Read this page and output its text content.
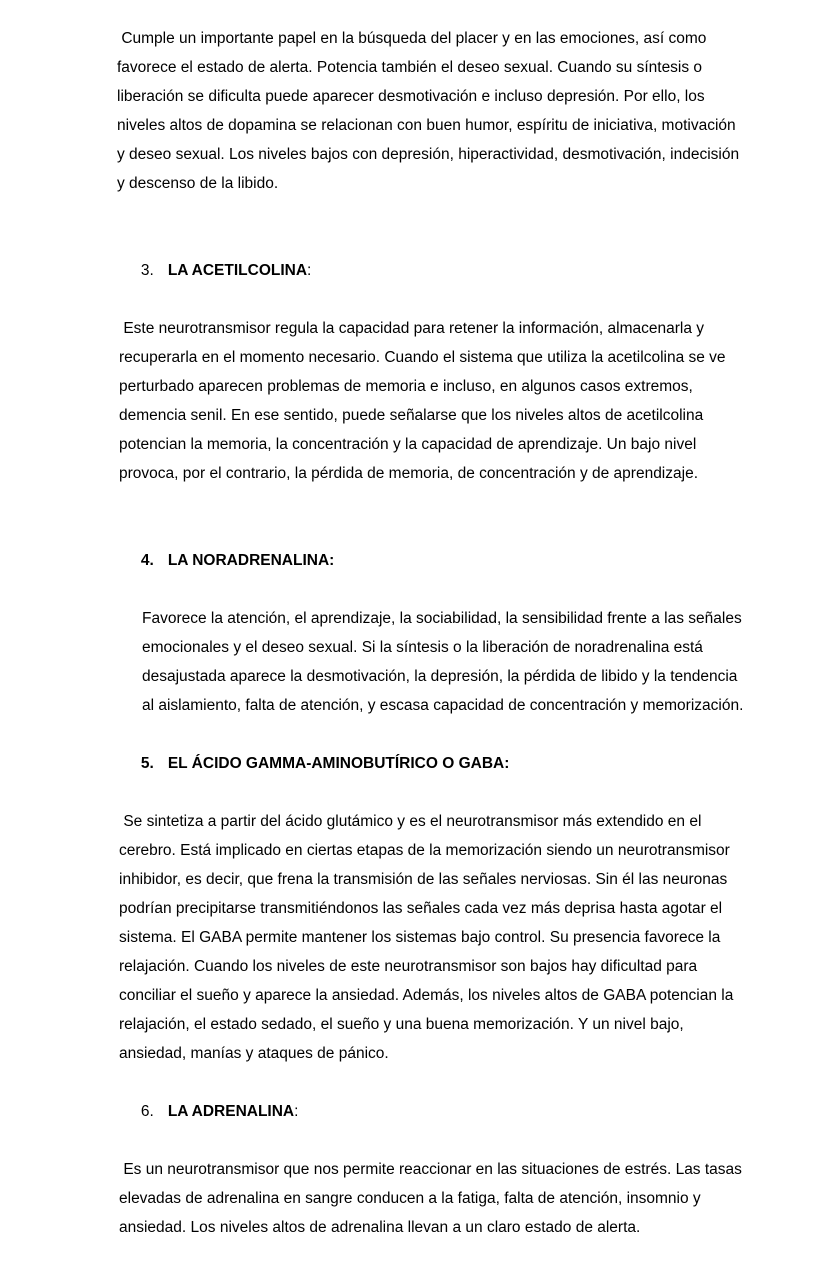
Cumple un importante papel en la búsqueda del placer y en las emociones, así como favorece el estado de alerta. Potencia también el deseo sexual. Cuando su síntesis o liberación se dificulta puede aparecer desmotivación e incluso depresión. Por ello, los niveles altos de dopamina se relacionan con buen humor, espíritu de iniciativa, motivación y deseo sexual. Los niveles bajos con depresión, hiperactividad, desmotivación, indecisión y descenso de la libido.

3. LA ACETILCOLINA:

Este neurotransmisor regula la capacidad para retener la información, almacenarla y recuperarla en el momento necesario. Cuando el sistema que utiliza la acetilcolina se ve perturbado aparecen problemas de memoria e incluso, en algunos casos extremos, demencia senil. En ese sentido, puede señalarse que los niveles altos de acetilcolina potencian la memoria, la concentración y la capacidad de aprendizaje. Un bajo nivel provoca, por el contrario, la pérdida de memoria, de concentración y de aprendizaje.

4. LA NORADRENALINA:

Favorece la atención, el aprendizaje, la sociabilidad, la sensibilidad frente a las señales emocionales y el deseo sexual. Si la síntesis o la liberación de noradrenalina está desajustada aparece la desmotivación, la depresión, la pérdida de libido y la tendencia al aislamiento, falta de atención, y escasa capacidad de concentración y memorización.

5. EL ÁCIDO GAMMA-AMINOBUTÍRICO O GABA:

Se sintetiza a partir del ácido glutámico y es el neurotransmisor más extendido en el cerebro. Está implicado en ciertas etapas de la memorización siendo un neurotransmisor inhibidor, es decir, que frena la transmisión de las señales nerviosas. Sin él las neuronas podrían precipitarse transmitiéndonos las señales cada vez más deprisa hasta agotar el sistema. El GABA permite mantener los sistemas bajo control. Su presencia favorece la relajación. Cuando los niveles de este neurotransmisor son bajos hay dificultad para conciliar el sueño y aparece la ansiedad. Además, los niveles altos de GABA potencian la relajación, el estado sedado, el sueño y una buena memorización. Y un nivel bajo, ansiedad, manías y ataques de pánico.

6. LA ADRENALINA:

Es un neurotransmisor que nos permite reaccionar en las situaciones de estrés. Las tasas elevadas de adrenalina en sangre conducen a la fatiga, falta de atención, insomnio y ansiedad. Los niveles altos de adrenalina llevan a un claro estado de alerta.
